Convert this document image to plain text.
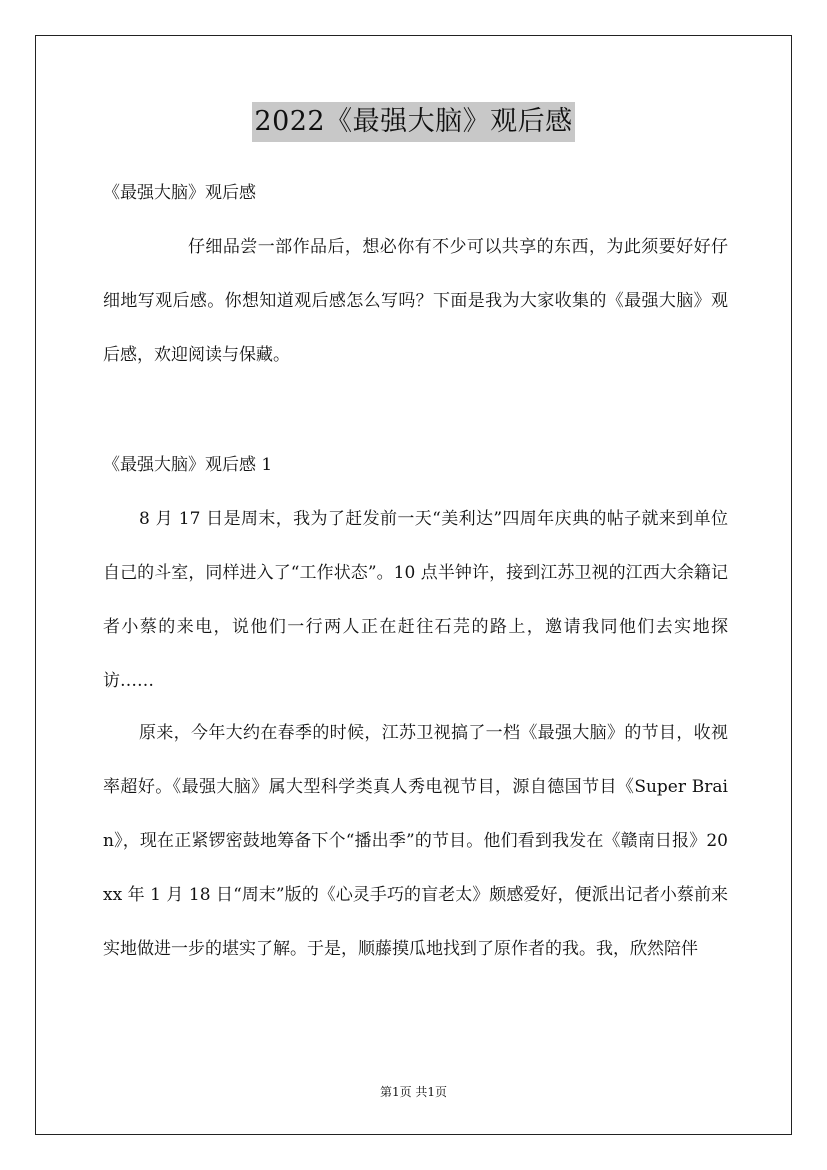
2022《最强大脑》观后感

《最强大脑》观后感

仔细品尝一部作品后，想必你有不少可以共享的东西，为此须要好好仔细地写观后感。你想知道观后感怎么写吗？下面是我为大家收集的《最强大脑》观后感，欢迎阅读与保藏。

《最强大脑》观后感 1

8 月 17 日是周末，我为了赶发前一天“美利达”四周年庆典的帖子就来到单位自己的斗室，同样进入了“工作状态”。10 点半钟许，接到江苏卫视的江西大余籍记者小蔡的来电，说他们一行两人正在赶往石芫的路上，邀请我同他们去实地探访……

原来，今年大约在春季的时候，江苏卫视搞了一档《最强大脑》的节目，收视率超好。《最强大脑》属大型科学类真人秀电视节目，源自德国节目《Super Brain》，现在正紧锣密鼓地筹备下个“播出季”的节目。他们看到我发在《赣南日报》20xx 年 1 月 18 日“周末”版的《心灵手巧的盲老太》颇感爱好，便派出记者小蔡前来实地做进一步的堪实了解。于是，顺藤摸瓜地找到了原作者的我。我，欣然陪伴

第1页 共1页
